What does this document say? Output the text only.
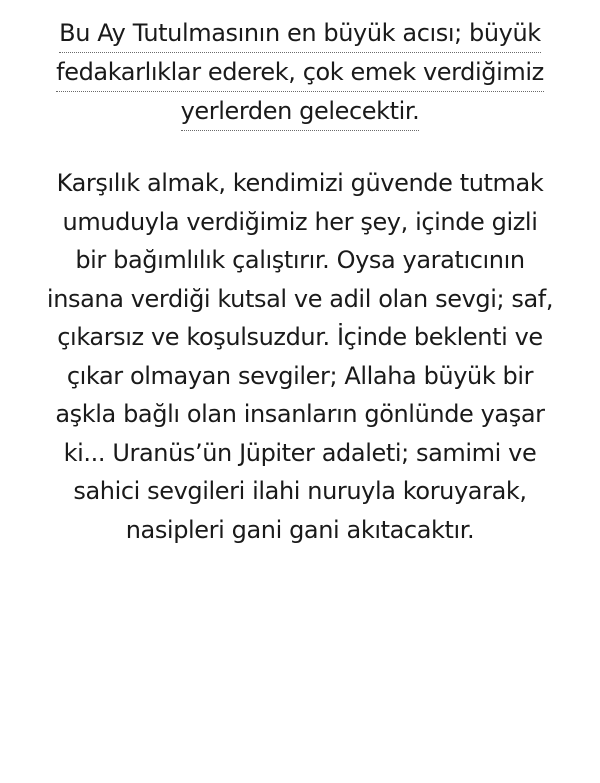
Bu Ay Tutulmasının en büyük acısı; büyük
fedakarlıklar ederek, çok emek verdiğimiz
yerlerden gelecektir.
Karşılık almak, kendimizi güvende tutmak
umuduyla verdiğimiz her şey, içinde gizli
bir bağımlılık çalıştırır. Oysa yaratıcının
insana verdiği kutsal ve adil olan sevgi; saf,
çıkarsız ve koşulsuzdur. İçinde beklenti ve
çıkar olmayan sevgiler; Allaha büyük bir
aşkla bağlı olan insanların gönlünde yaşar
ki... Uranüs’ün Jüpiter adaleti; samimi ve
sahici sevgileri ilahi nuruyla koruyarak,
nasipleri gani gani akıtacaktır.
